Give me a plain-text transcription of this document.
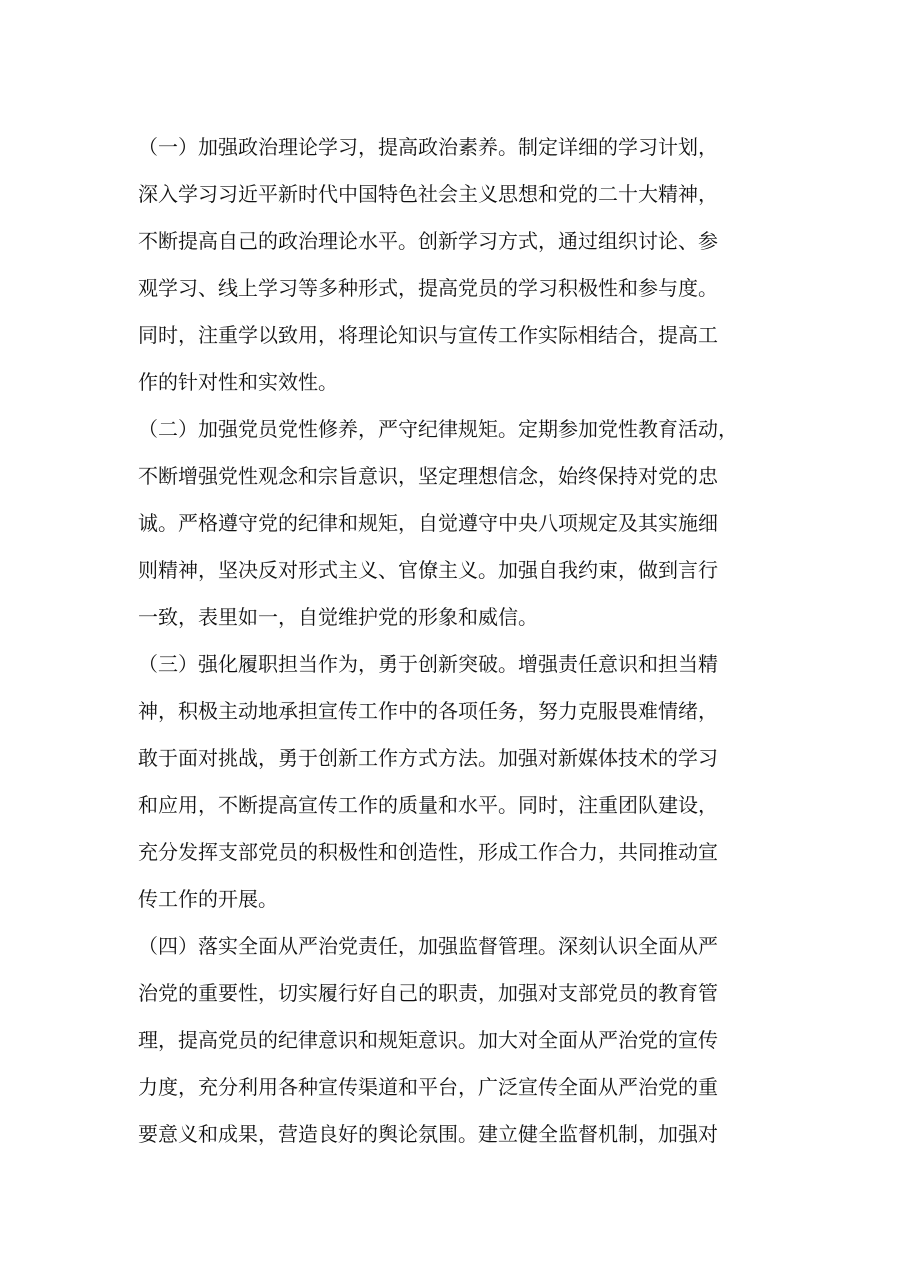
（一）加强政治理论学习，提高政治素养。制定详细的学习计划，
深入学习习近平新时代中国特色社会主义思想和党的二十大精神，
不断提高自己的政治理论水平。创新学习方式，通过组织讨论、参
观学习、线上学习等多种形式，提高党员的学习积极性和参与度。
同时，注重学以致用，将理论知识与宣传工作实际相结合，提高工
作的针对性和实效性。
（二）加强党员党性修养，严守纪律规矩。定期参加党性教育活动，
不断增强党性观念和宗旨意识，坚定理想信念，始终保持对党的忠
诚。严格遵守党的纪律和规矩，自觉遵守中央八项规定及其实施细
则精神，坚决反对形式主义、官僚主义。加强自我约束，做到言行
一致，表里如一，自觉维护党的形象和威信。
（三）强化履职担当作为，勇于创新突破。增强责任意识和担当精
神，积极主动地承担宣传工作中的各项任务，努力克服畏难情绪，
敢于面对挑战，勇于创新工作方式方法。加强对新媒体技术的学习
和应用，不断提高宣传工作的质量和水平。同时，注重团队建设，
充分发挥支部党员的积极性和创造性，形成工作合力，共同推动宣
传工作的开展。
（四）落实全面从严治党责任，加强监督管理。深刻认识全面从严
治党的重要性，切实履行好自己的职责，加强对支部党员的教育管
理，提高党员的纪律意识和规矩意识。加大对全面从严治党的宣传
力度，充分利用各种宣传渠道和平台，广泛宣传全面从严治党的重
要意义和成果，营造良好的舆论氛围。建立健全监督机制，加强对
